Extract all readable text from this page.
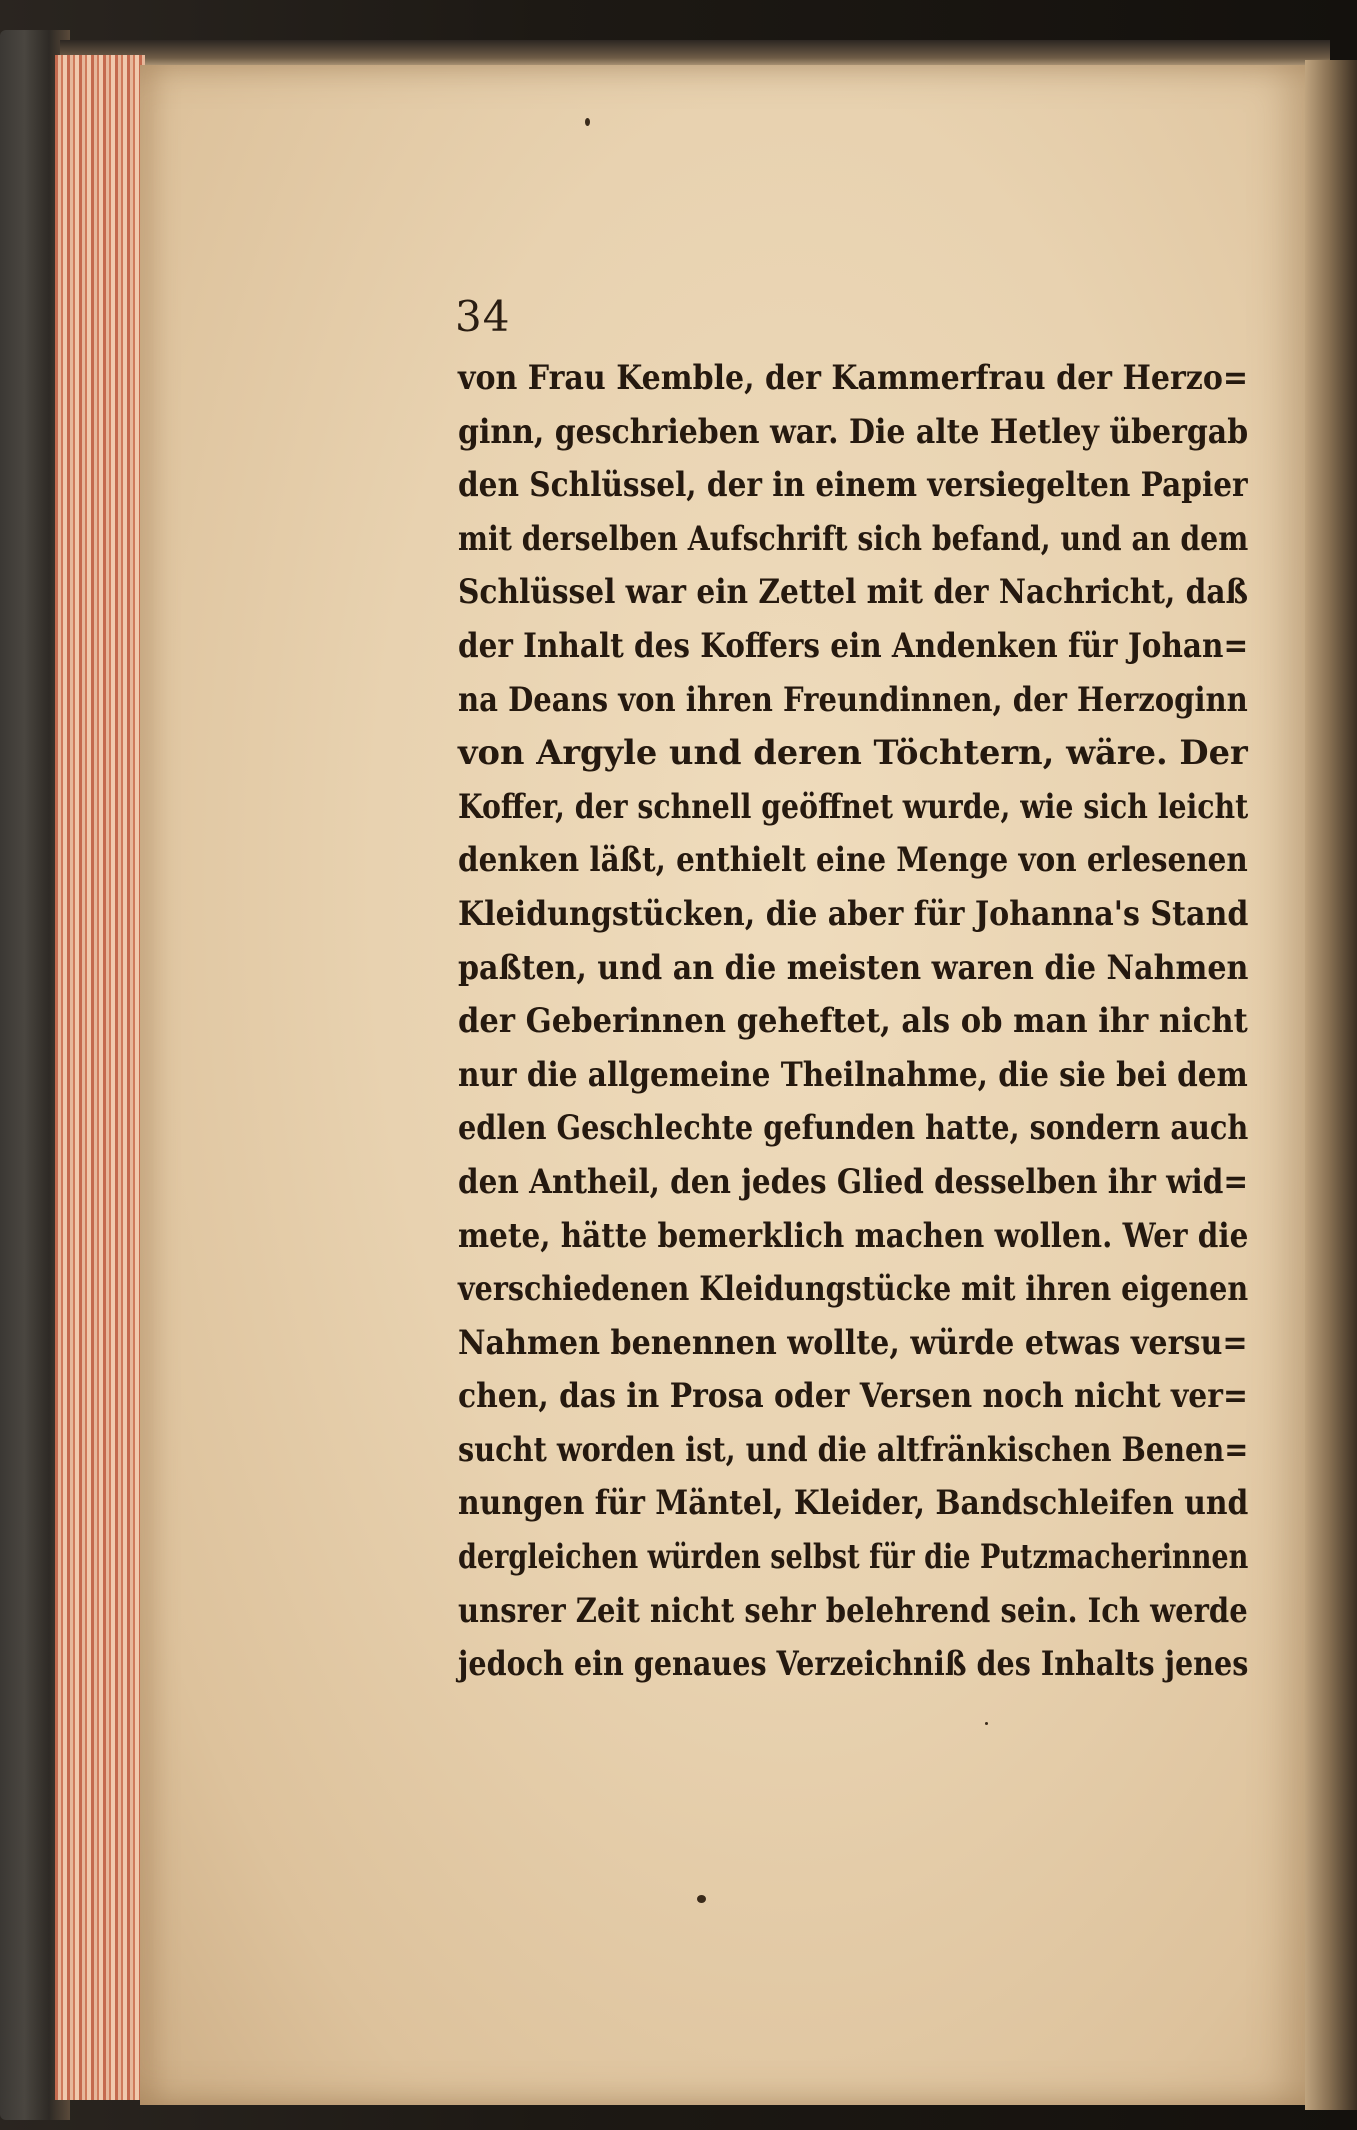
34
von Frau Kemble, der Kammerfrau der Herzo=
ginn, geschrieben war. Die alte Hetley übergab
den Schlüssel, der in einem versiegelten Papier
mit derselben Aufschrift sich befand, und an dem
Schlüssel war ein Zettel mit der Nachricht, daß
der Inhalt des Koffers ein Andenken für Johan=
na Deans von ihren Freundinnen, der Herzoginn
von Argyle und deren Töchtern, wäre. Der
Koffer, der schnell geöffnet wurde, wie sich leicht
denken läßt, enthielt eine Menge von erlesenen
Kleidungstücken, die aber für Johanna's Stand
paßten, und an die meisten waren die Nahmen
der Geberinnen geheftet, als ob man ihr nicht
nur die allgemeine Theilnahme, die sie bei dem
edlen Geschlechte gefunden hatte, sondern auch
den Antheil, den jedes Glied desselben ihr wid=
mete, hätte bemerklich machen wollen. Wer die
verschiedenen Kleidungstücke mit ihren eigenen
Nahmen benennen wollte, würde etwas versu=
chen, das in Prosa oder Versen noch nicht ver=
sucht worden ist, und die altfränkischen Benen=
nungen für Mäntel, Kleider, Bandschleifen und
dergleichen würden selbst für die Putzmacherinnen
unsrer Zeit nicht sehr belehrend sein. Ich werde
jedoch ein genaues Verzeichniß des Inhalts jenes
